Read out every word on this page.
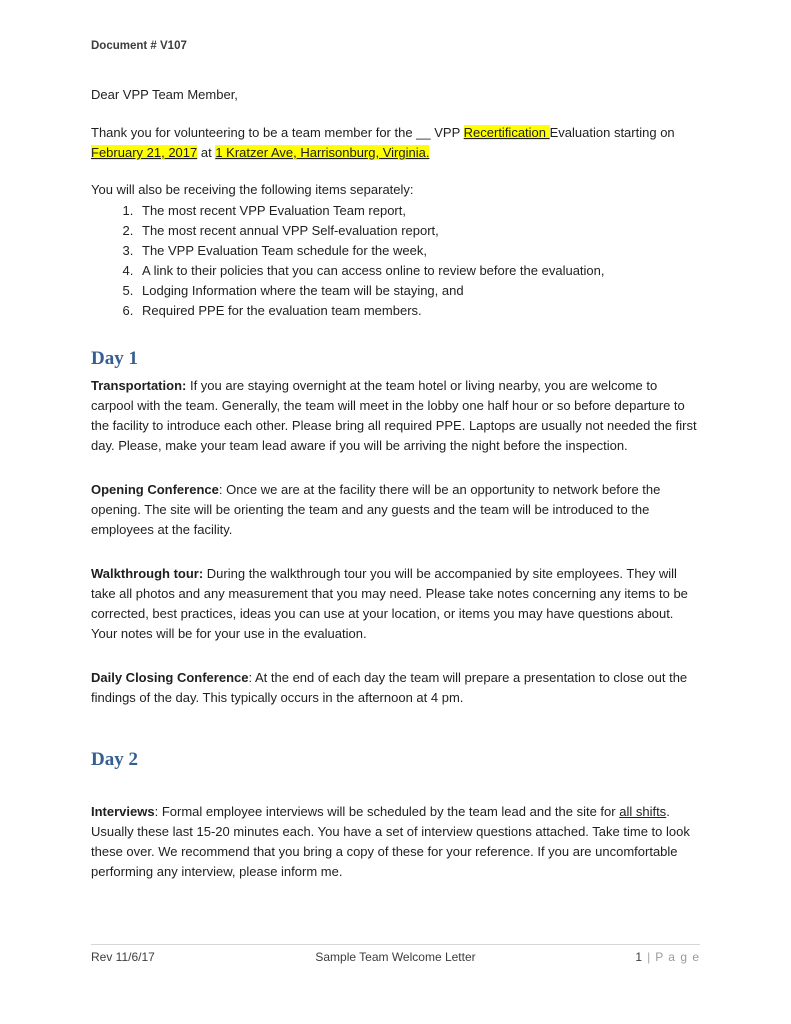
Document # V107

Dear VPP Team Member,

Thank you for volunteering to be a team member for the __ VPP Recertification Evaluation starting on February 21, 2017 at 1 Kratzer Ave, Harrisonburg, Virginia.

You will also be receiving the following items separately:

1. The most recent VPP Evaluation Team report,
2. The most recent annual VPP Self-evaluation report,
3. The VPP Evaluation Team schedule for the week,
4. A link to their policies that you can access online to review before the evaluation,
5. Lodging Information where the team will be staying, and
6. Required PPE for the evaluation team members.
Day 1

Transportation: If you are staying overnight at the team hotel or living nearby, you are welcome to carpool with the team. Generally, the team will meet in the lobby one half hour or so before departure to the facility to introduce each other. Please bring all required PPE. Laptops are usually not needed the first day. Please, make your team lead aware if you will be arriving the night before the inspection.

Opening Conference: Once we are at the facility there will be an opportunity to network before the opening. The site will be orienting the team and any guests and the team will be introduced to the employees at the facility.

Walkthrough tour: During the walkthrough tour you will be accompanied by site employees. They will take all photos and any measurement that you may need. Please take notes concerning any items to be corrected, best practices, ideas you can use at your location, or items you may have questions about. Your notes will be for your use in the evaluation.

Daily Closing Conference: At the end of each day the team will prepare a presentation to close out the findings of the day. This typically occurs in the afternoon at 4 pm.

Day 2

Interviews: Formal employee interviews will be scheduled by the team lead and the site for all shifts. Usually these last 15-20 minutes each. You have a set of interview questions attached. Take time to look these over. We recommend that you bring a copy of these for your reference. If you are uncomfortable performing any interview, please inform me.

Rev 11/6/17	Sample Team Welcome Letter	1 | P a g e
